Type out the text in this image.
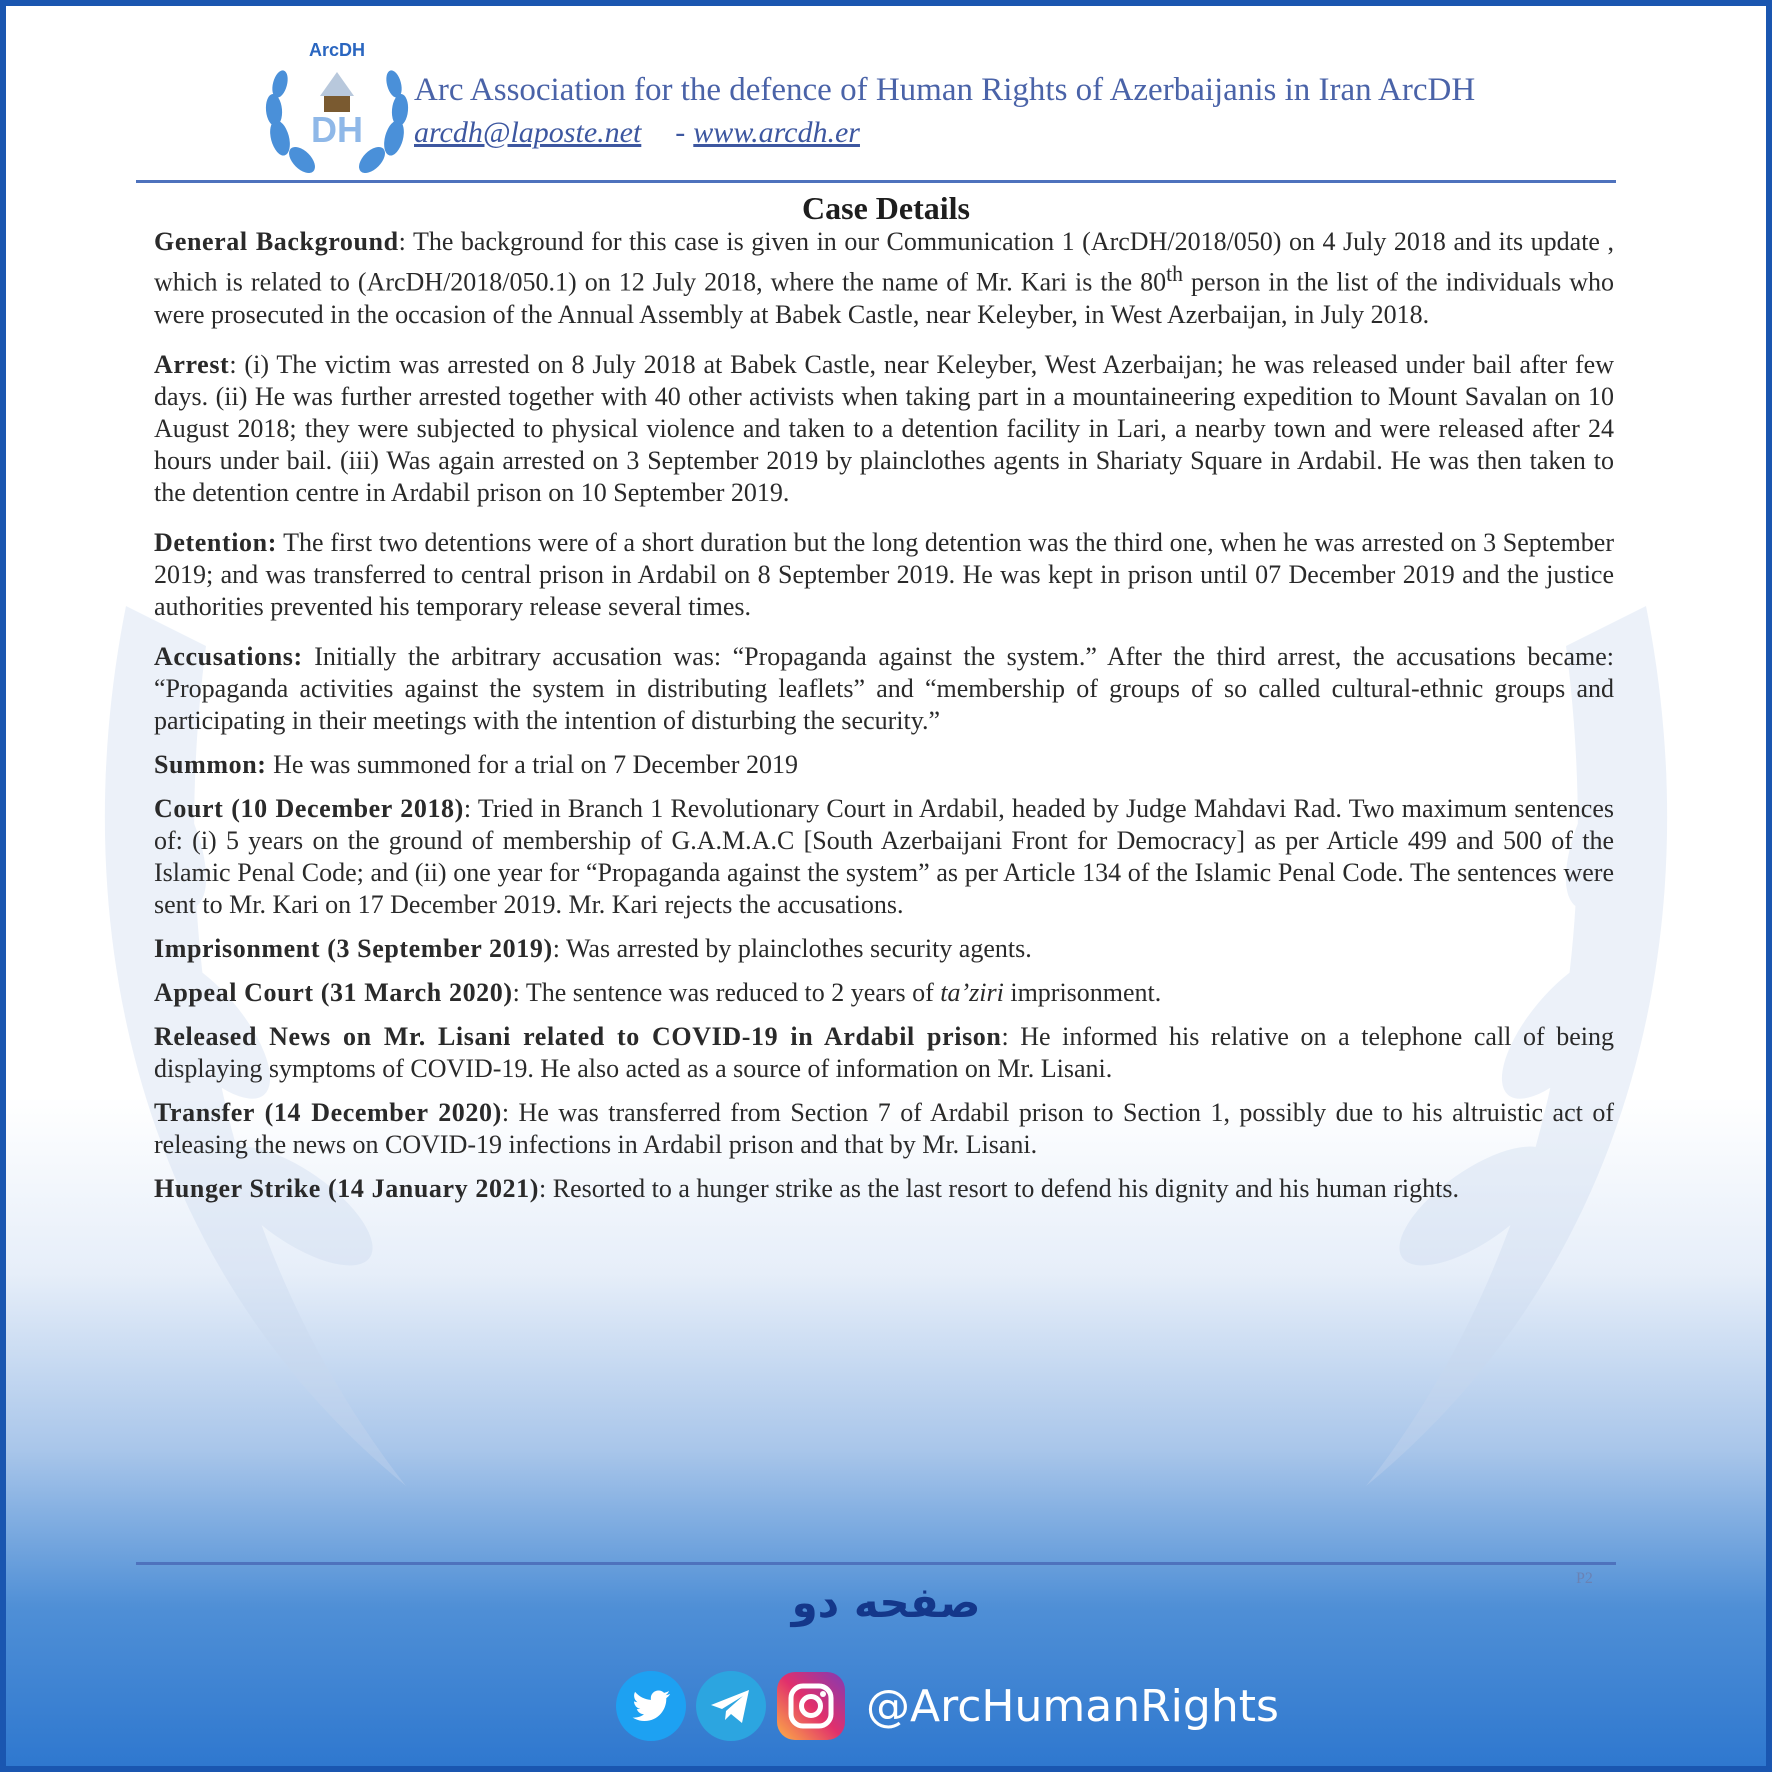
DH
ArcDH
Arc Association for the defence of Human Rights of Azerbaijanis in Iran ArcDH
arcdh@laposte.net - www.arcdh.er
Case Details

General Background: The background for this case is given in our Communication 1 (ArcDH/2018/050) on 4 July 2018 and its update , which is related to (ArcDH/2018/050.1) on 12 July 2018, where the name of Mr. Kari is the 80th person in the list of the individuals who were prosecuted in the occasion of the Annual Assembly at Babek Castle, near Keleyber, in West Azerbaijan, in July 2018.

Arrest: (i) The victim was arrested on 8 July 2018 at Babek Castle, near Keleyber, West Azerbaijan; he was released under bail after few days. (ii) He was further arrested together with 40 other activists when taking part in a mountaineering expedition to Mount Savalan on 10 August 2018; they were subjected to physical violence and taken to a detention facility in Lari, a nearby town and were released after 24 hours under bail. (iii) Was again arrested on 3 September 2019 by plainclothes agents in Shariaty Square in Ardabil. He was then taken to the detention centre in Ardabil prison on 10 September 2019.

Detention: The first two detentions were of a short duration but the long detention was the third one, when he was arrested on 3 September 2019; and was transferred to central prison in Ardabil on 8 September 2019. He was kept in prison until 07 December 2019 and the justice authorities prevented his temporary release several times.

Accusations: Initially the arbitrary accusation was: “Propaganda against the system.” After the third arrest, the accusations became: “Propaganda activities against the system in distributing leaflets” and “membership of groups of so called cultural-ethnic groups and participating in their meetings with the intention of disturbing the security.”

Summon: He was summoned for a trial on 7 December 2019

Court (10 December 2018): Tried in Branch 1 Revolutionary Court in Ardabil, headed by Judge Mahdavi Rad. Two maximum sentences of: (i) 5 years on the ground of membership of G.A.M.A.C [South Azerbaijani Front for Democracy] as per Article 499 and 500 of the Islamic Penal Code; and (ii) one year for “Propaganda against the system” as per Article 134 of the Islamic Penal Code. The sentences were sent to Mr. Kari on 17 December 2019. Mr. Kari rejects the accusations.

Imprisonment (3 September 2019): Was arrested by plainclothes security agents.

Appeal Court (31 March 2020): The sentence was reduced to 2 years of ta’ziri imprisonment.

Released News on Mr. Lisani related to COVID-19 in Ardabil prison: He informed his relative on a telephone call of being displaying symptoms of COVID-19. He also acted as a source of information on Mr. Lisani.

Transfer (14 December 2020): He was transferred from Section 7 of Ardabil prison to Section 1, possibly due to his altruistic act of releasing the news on COVID-19 infections in Ardabil prison and that by Mr. Lisani.

Hunger Strike (14 January 2021): Resorted to a hunger strike as the last resort to defend his dignity and his human rights.

P2
صفحه دو
@ArcHumanRights
